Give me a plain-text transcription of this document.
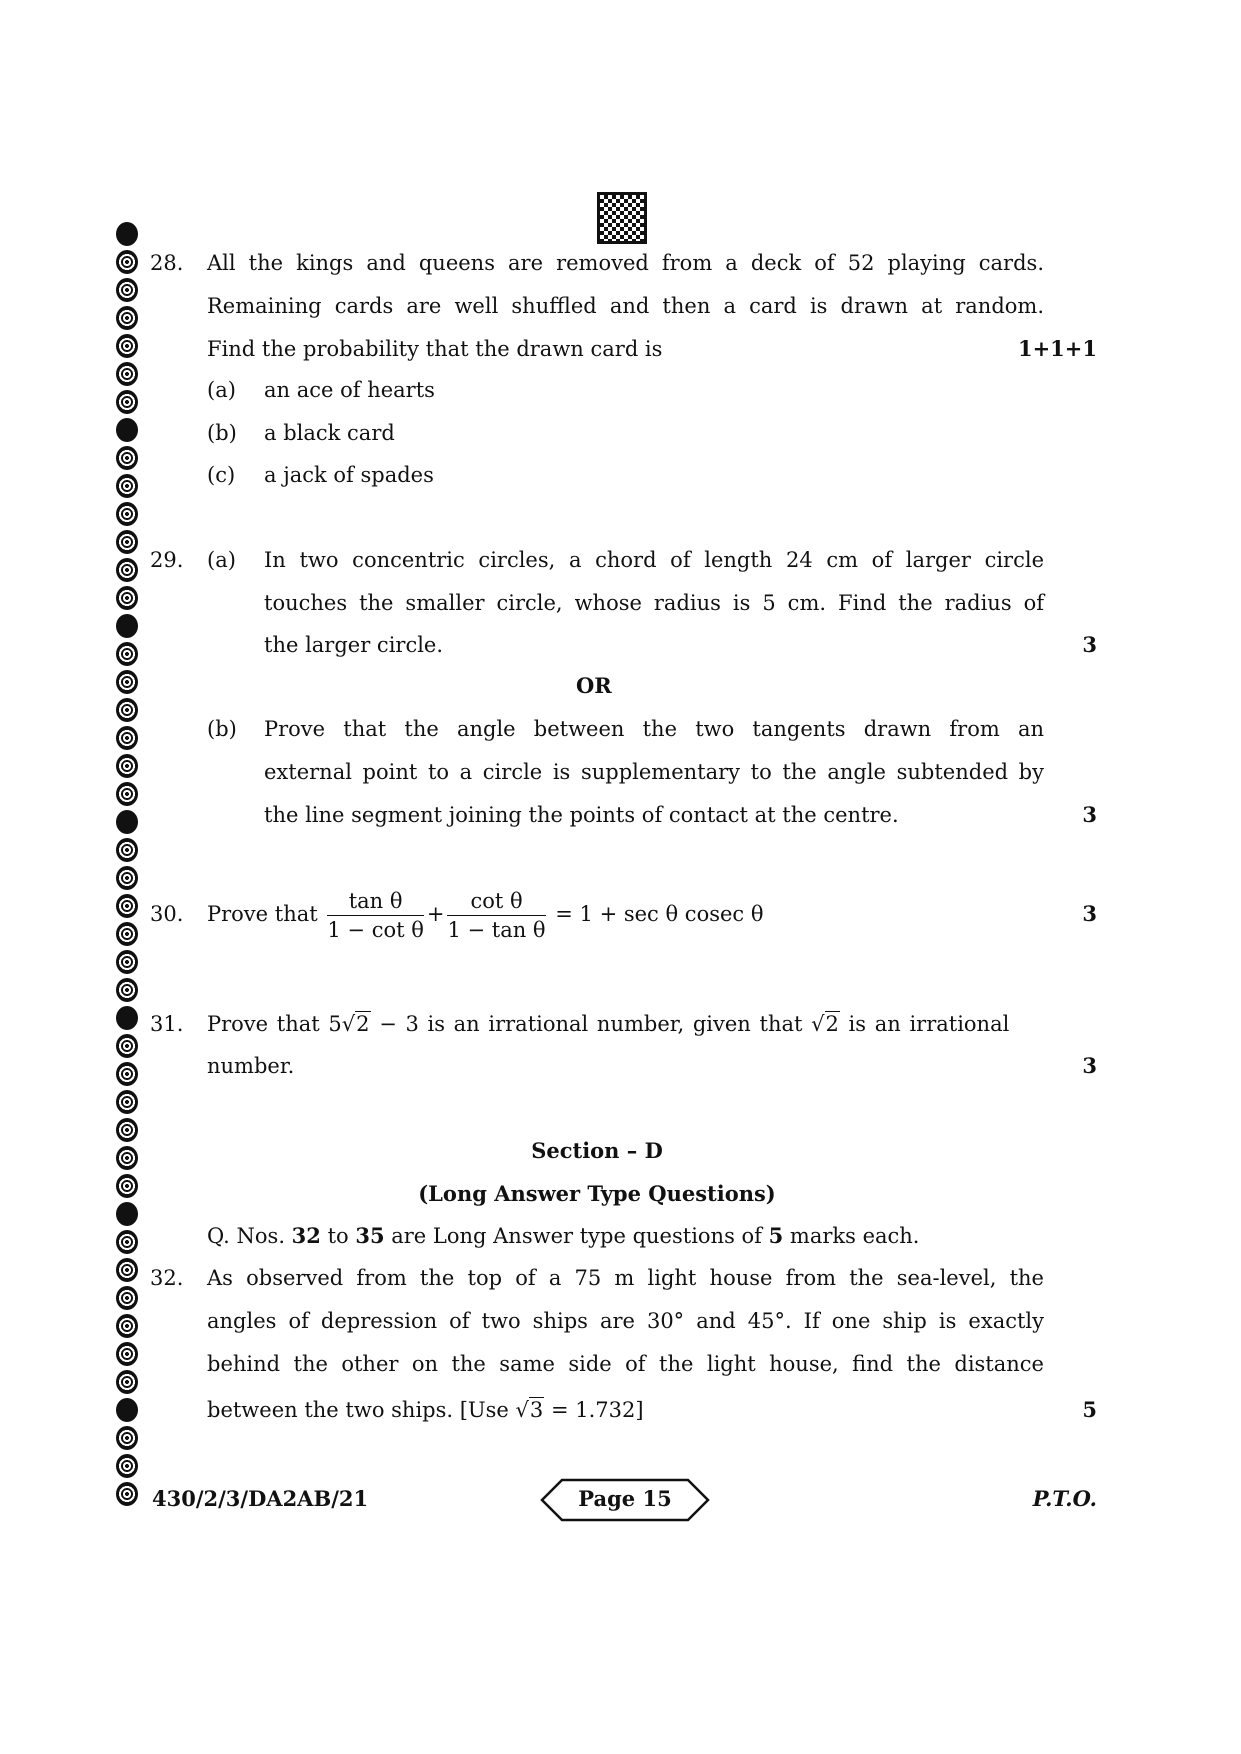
28. All the kings and queens are removed from a deck of 52 playing cards.
Remaining cards are well shuffled and then a card is drawn at random.
Find the probability that the drawn card is	1+1+1
(a) an ace of hearts
(b) a black card
(c) a jack of spades
29. (a) In two concentric circles, a chord of length 24 cm of larger circle
touches the smaller circle, whose radius is 5 cm. Find the radius of
the larger circle.	3
OR
(b) Prove that the angle between the two tangents drawn from an
external point to a circle is supplementary to the angle subtended by
the line segment joining the points of contact at the centre.	3
30. Prove that $\frac{\text{tan θ}}{\text{1 − cot θ}} + \frac{\text{cot θ}}{\text{1 − tan θ}} = 1 + \sec \theta$ cosec θ	3
31. Prove that 5√2 − 3 is an irrational number, given that √2 is an irrational
number.	3
Section – D
(Long Answer Type Questions)
Q. Nos. 32 to 35 are Long Answer type questions of 5 marks each.
32. As observed from the top of a 75 m light house from the sea-level, the
angles of depression of two ships are 30° and 45°. If one ship is exactly
behind the other on the same side of the light house, find the distance
between the two ships. [Use √3 = 1.732]	5
430/2/3/DA2AB/21	Page 15	P.T.O.
